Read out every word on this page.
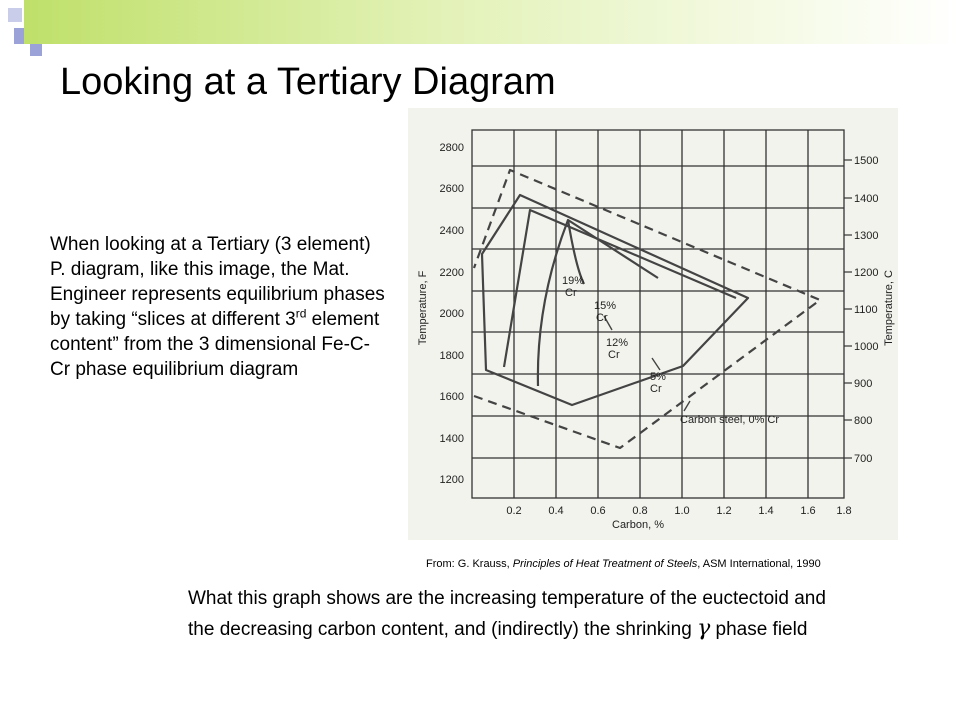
Looking at a Tertiary Diagram
When looking at a Tertiary (3 element) P. diagram, like this image, the Mat. Engineer represents equilibrium phases by taking “slices at different 3rd element content” from the 3 dimensional Fe-C-Cr phase equilibrium diagram
2800
2600
2400
2200
2000
1800
1600
1400
1200
1500
1400
1300
1200
1100
1000
900
800
700
0.2 0.4 0.6 0.8 1.0 1.2 1.4 1.6 1.8
Carbon, %
Temperature, F	Temperature, C
19%
Cr
15%
Cr
12%
Cr
5%
Cr
Carbon steel, 0% Cr
From: G. Krauss, Principles of Heat Treatment of Steels, ASM International, 1990
What this graph shows are the increasing temperature of the euctectoid and the decreasing carbon content, and (indirectly) the shrinking γ phase field
